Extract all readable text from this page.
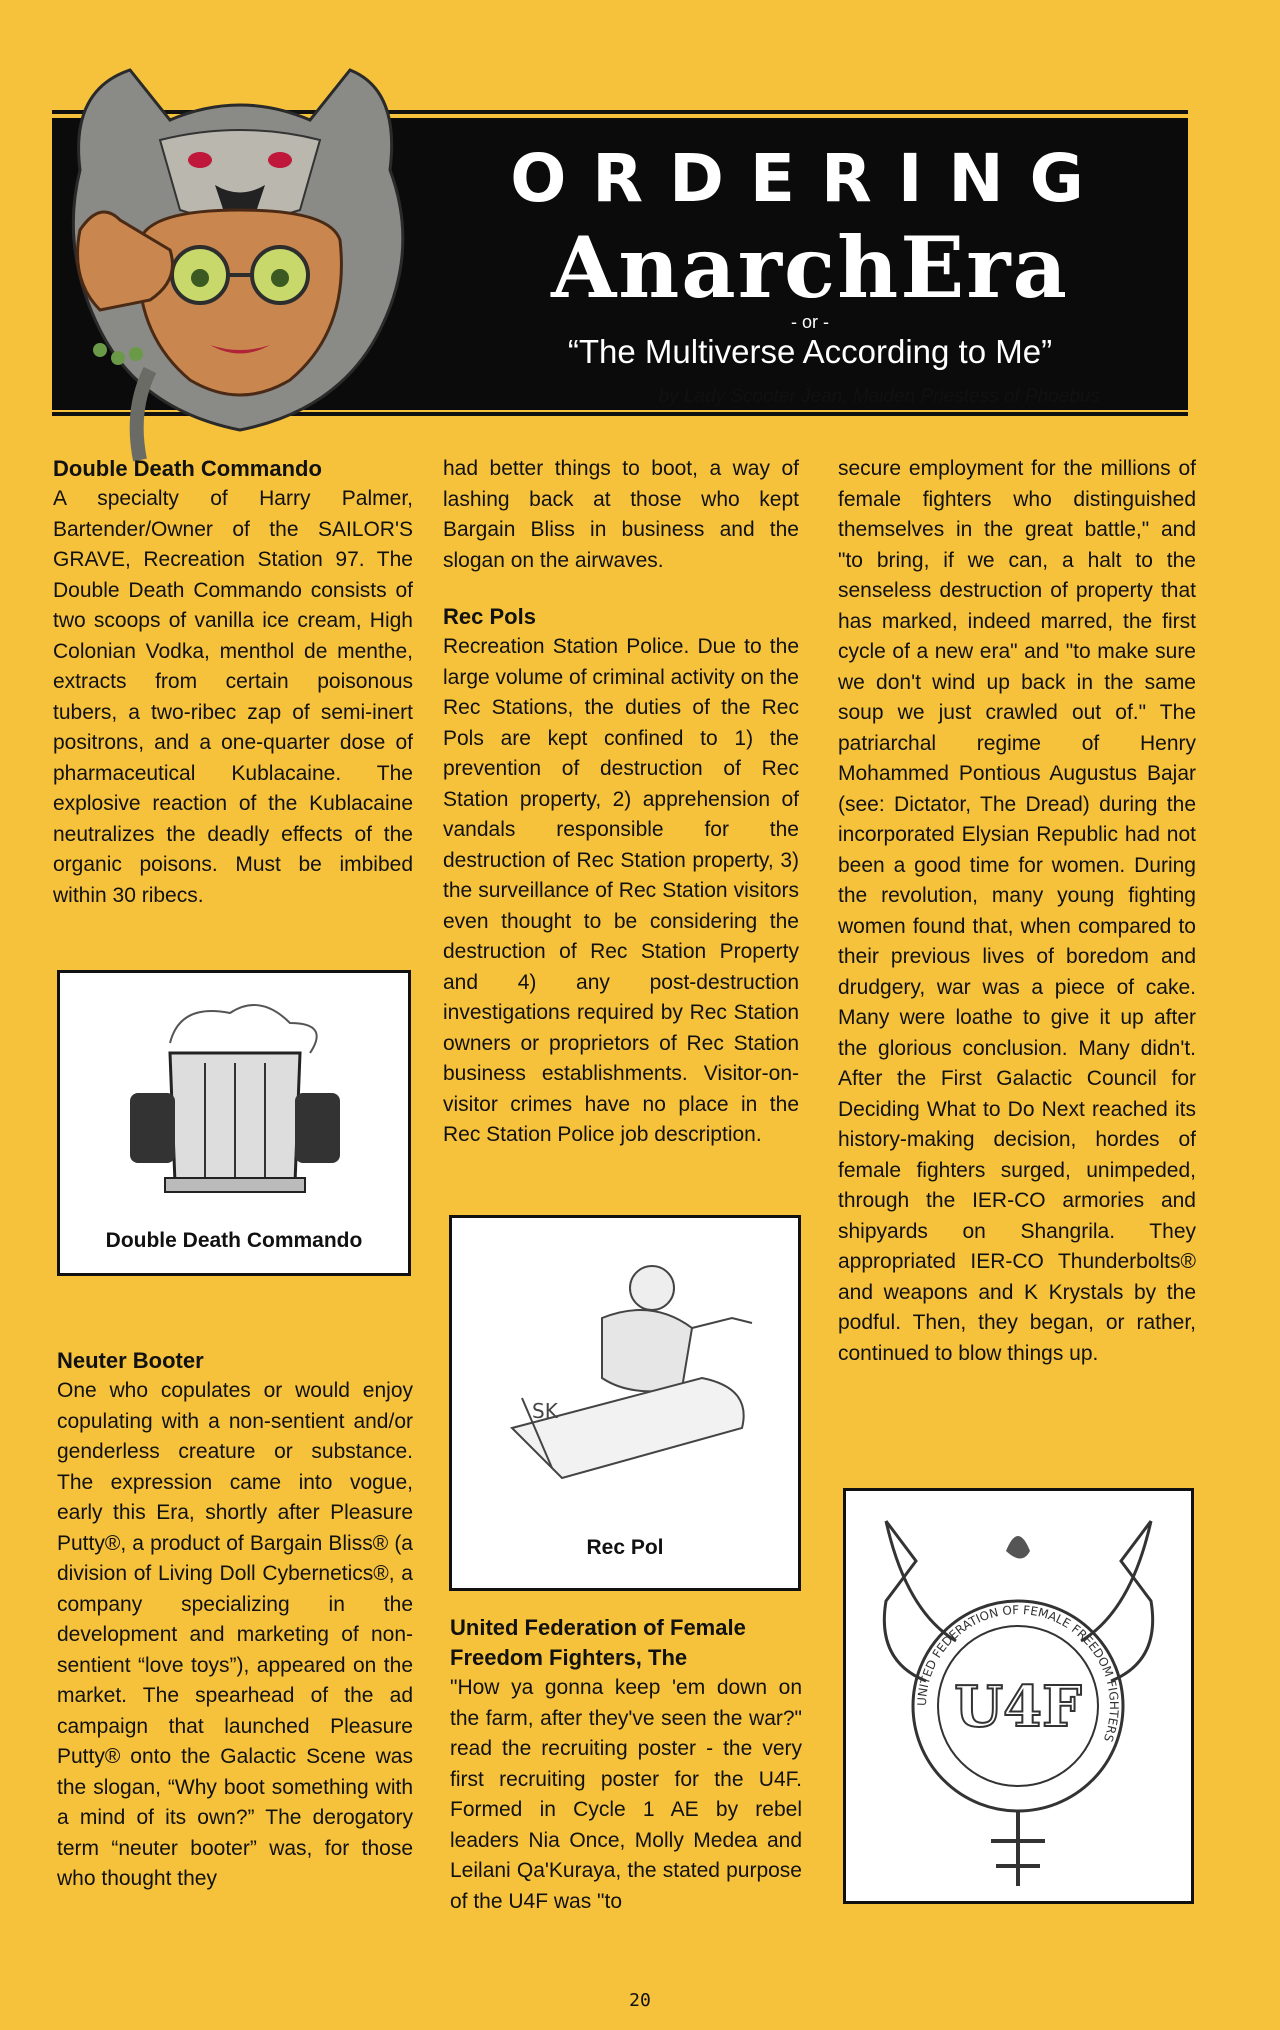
ORDERING
AnarchEra
- or -
“The Multiverse According to Me”
by Lady Scooter Jean, Maiden Priestess of Phoebus
Double Death Commando

A specialty of Harry Palmer, Bartender/Owner of the SAILOR'S GRAVE, Recreation Station 97. The Double Death Commando consists of two scoops of vanilla ice cream, High Colonian Vodka, menthol de menthe, extracts from certain poisonous tubers, a two-ribec zap of semi-inert positrons, and a one-quarter dose of pharmaceutical Kublacaine. The explosive reaction of the Kublacaine neutralizes the deadly effects of the organic poisons. Must be imbibed within 30 ribecs.

Double Death Commando
Neuter Booter

One who copulates or would enjoy copulating with a non-sentient and/or genderless creature or substance. The expression came into vogue, early this Era, shortly after Pleasure Putty®, a product of Bargain Bliss® (a division of Living Doll Cybernetics®, a company specializing in the development and marketing of non-sentient “love toys”), appeared on the market. The spearhead of the ad campaign that launched Pleasure Putty® onto the Galactic Scene was the slogan, “Why boot something with a mind of its own?” The derogatory term “neuter booter” was, for those who thought they

had better things to boot, a way of lashing back at those who kept Bargain Bliss in business and the slogan on the airwaves.

Rec Pols

Recreation Station Police. Due to the large volume of criminal activity on the Rec Stations, the duties of the Rec Pols are kept confined to 1) the prevention of destruction of Rec Station property, 2) apprehension of vandals responsible for the destruction of Rec Station property, 3) the surveillance of Rec Station visitors even thought to be considering the destruction of Rec Station Property and 4) any post-destruction investigations required by Rec Station owners or proprietors of Rec Station business establishments. Visitor-on-visitor crimes have no place in the Rec Station Police job description.

SK
Rec Pol
United Federation of Female Freedom Fighters, The

"How ya gonna keep 'em down on the farm, after they've seen the war?" read the recruiting poster - the very first recruiting poster for the U4F. Formed in Cycle 1 AE by rebel leaders Nia Once, Molly Medea and Leilani Qa'Kuraya, the stated purpose of the U4F was "to

secure employment for the millions of female fighters who distinguished themselves in the great battle," and "to bring, if we can, a halt to the senseless destruction of property that has marked, indeed marred, the first cycle of a new era" and "to make sure we don't wind up back in the same soup we just crawled out of." The patriarchal regime of Henry Mohammed Pontious Augustus Bajar (see: Dictator, The Dread) during the incorporated Elysian Republic had not been a good time for women. During the revolution, many young fighting women found that, when compared to their previous lives of boredom and drudgery, war was a piece of cake. Many were loathe to give it up after the glorious conclusion. Many didn't. After the First Galactic Council for Deciding What to Do Next reached its history-making decision, hordes of female fighters surged, unimpeded, through the IER-CO armories and shipyards on Shangrila. They appropriated IER-CO Thunderbolts® and weapons and K Krystals by the podful. Then, they began, or rather, continued to blow things up.

UNITED FEDERATION OF FEMALE FREEDOM FIGHTERS
U4F
20
